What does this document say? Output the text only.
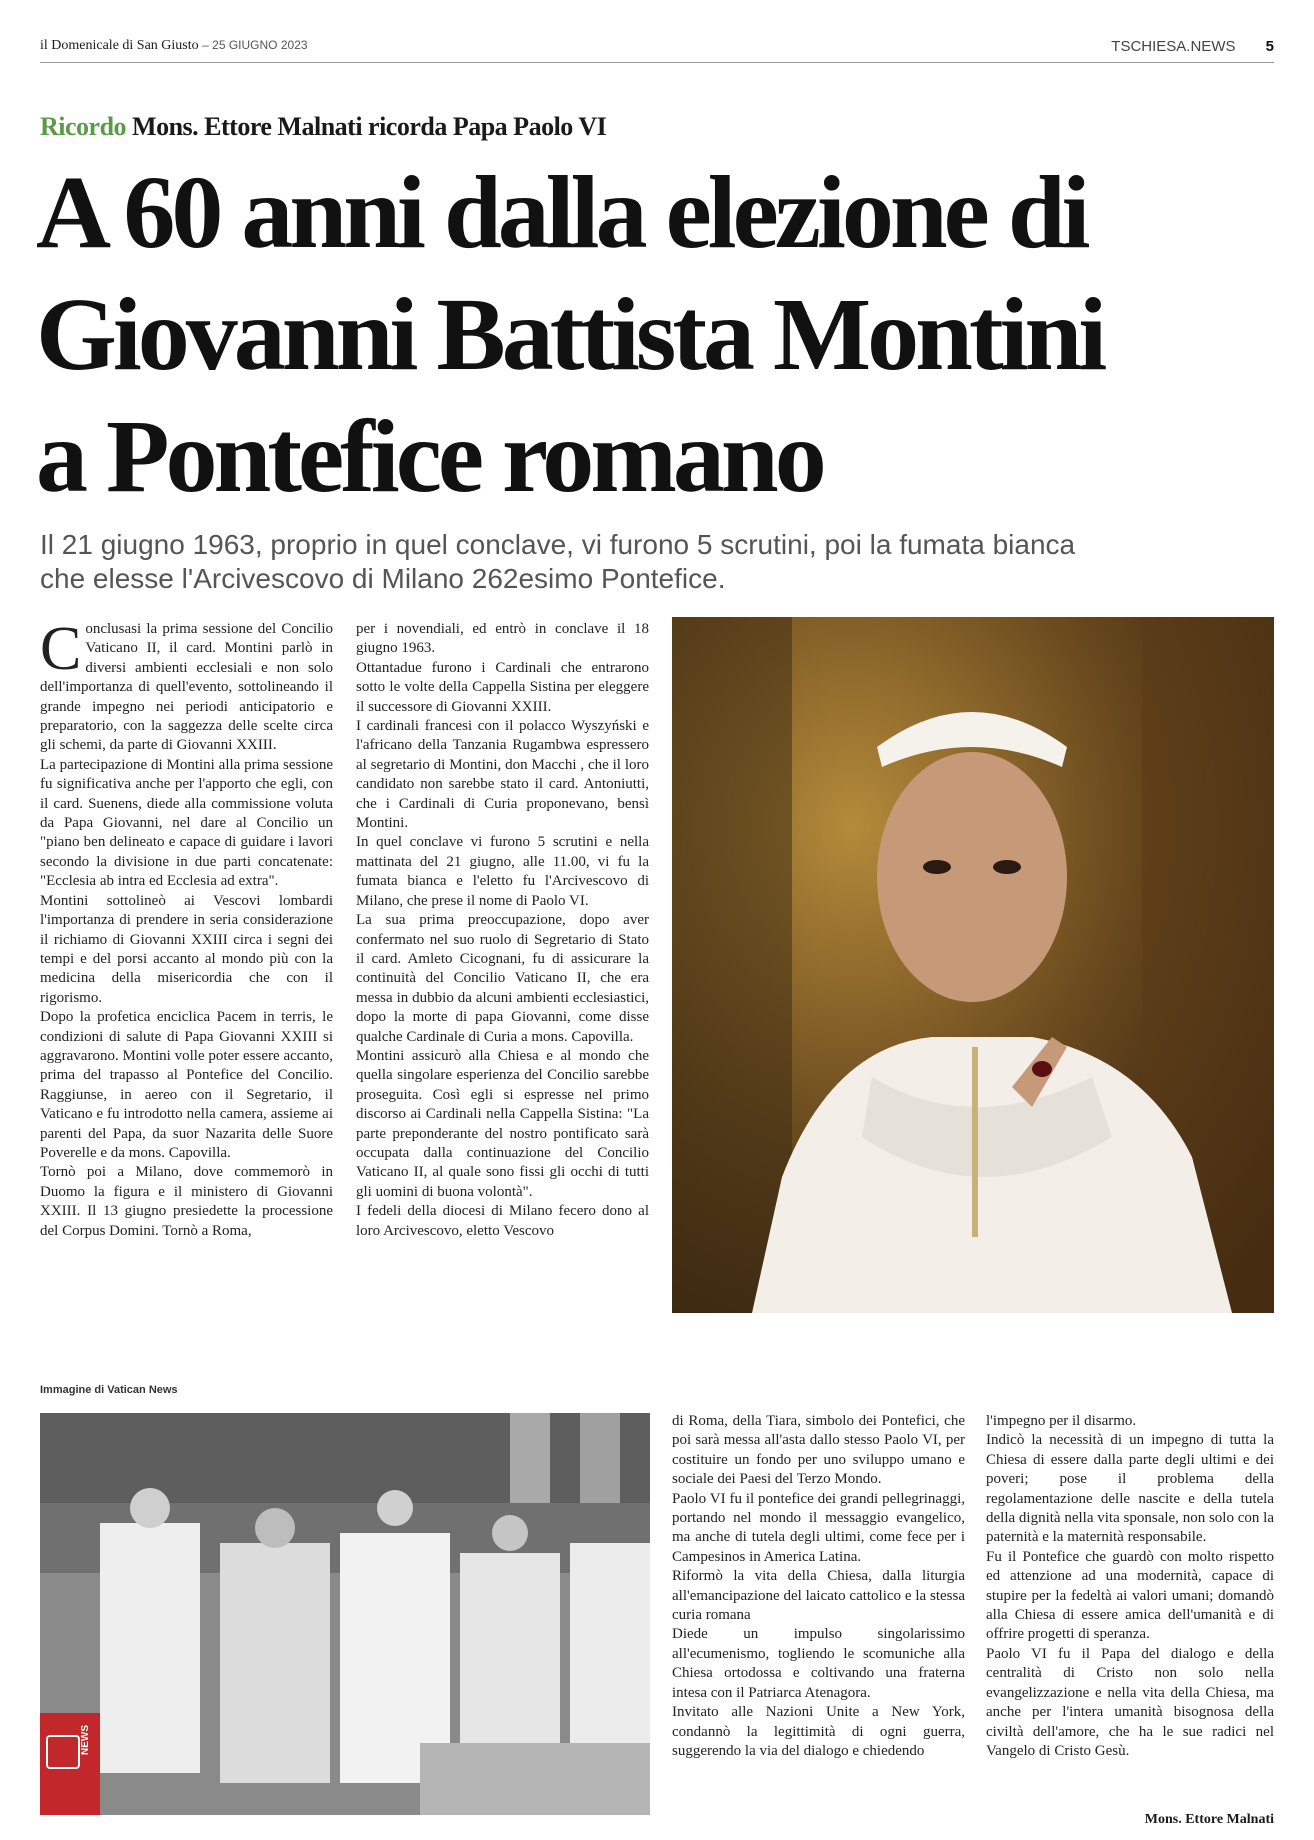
il Domenicale di San Giusto – 25 GIUGNO 2023	TSCHIESA.NEWS 5
Ricordo Mons. Ettore Malnati ricorda Papa Paolo VI
A 60 anni dalla elezione di
Giovanni Battista Montini
a Pontefice romano
Il 21 giugno 1963, proprio in quel conclave, vi furono 5 scrutini, poi la fumata bianca
che elesse l'Arcivescovo di Milano 262esimo Pontefice.

Conclusasi la prima sessione del Concilio Vaticano II, il card. Montini parlò in diversi ambienti ecclesiali e non solo dell'importanza di quell'evento, sottolineando il grande impegno nei periodi anticipatorio e preparatorio, con la saggezza delle scelte circa gli schemi, da parte di Giovanni XXIII.

La partecipazione di Montini alla prima sessione fu significativa anche per l'apporto che egli, con il card. Suenens, diede alla commissione voluta da Papa Giovanni, nel dare al Concilio un "piano ben delineato e capace di guidare i lavori secondo la divisione in due parti concatenate: "Ecclesia ab intra ed Ecclesia ad extra".

Montini sottolineò ai Vescovi lombardi l'importanza di prendere in seria considerazione il richiamo di Giovanni XXIII circa i segni dei tempi e del porsi accanto al mondo più con la medicina della misericordia che con il rigorismo.

Dopo la profetica enciclica Pacem in terris, le condizioni di salute di Papa Giovanni XXIII si aggravarono. Montini volle poter essere accanto, prima del trapasso al Pontefice del Concilio. Raggiunse, in aereo con il Segretario, il Vaticano e fu introdotto nella camera, assieme ai parenti del Papa, da suor Nazarita delle Suore Poverelle e da mons. Capovilla.

Tornò poi a Milano, dove commemorò in Duomo la figura e il ministero di Giovanni XXIII. Il 13 giugno presiedette la processione del Corpus Domini. Tornò a Roma,

per i novendiali, ed entrò in conclave il 18 giugno 1963.

Ottantadue furono i Cardinali che entrarono sotto le volte della Cappella Sistina per eleggere il successore di Giovanni XXIII.

I cardinali francesi con il polacco Wyszyński e l'africano della Tanzania Rugambwa espressero al segretario di Montini, don Macchi , che il loro candidato non sarebbe stato il card. Antoniutti, che i Cardinali di Curia proponevano, bensì Montini.

In quel conclave vi furono 5 scrutini e nella mattinata del 21 giugno, alle 11.00, vi fu la fumata bianca e l'eletto fu l'Arcivescovo di Milano, che prese il nome di Paolo VI.

La sua prima preoccupazione, dopo aver confermato nel suo ruolo di Segretario di Stato il card. Amleto Cicognani, fu di assicurare la continuità del Concilio Vaticano II, che era messa in dubbio da alcuni ambienti ecclesiastici, dopo la morte di papa Giovanni, come disse qualche Cardinale di Curia a mons. Capovilla.

Montini assicurò alla Chiesa e al mondo che quella singolare esperienza del Concilio sarebbe proseguita. Così egli si espresse nel primo discorso ai Cardinali nella Cappella Sistina: "La parte preponderante del nostro pontificato sarà occupata dalla continuazione del Concilio Vaticano II, al quale sono fissi gli occhi di tutti gli uomini di buona volontà".

I fedeli della diocesi di Milano fecero dono al loro Arcivescovo, eletto Vescovo

Immagine di Vatican News
NEWS

di Roma, della Tiara, simbolo dei Pontefici, che poi sarà messa all'asta dallo stesso Paolo VI, per costituire un fondo per uno sviluppo umano e sociale dei Paesi del Terzo Mondo.

Paolo VI fu il pontefice dei grandi pellegrinaggi, portando nel mondo il messaggio evangelico, ma anche di tutela degli ultimi, come fece per i Campesinos in America Latina.

Riformò la vita della Chiesa, dalla liturgia all'emancipazione del laicato cattolico e la stessa curia romana

Diede un impulso singolarissimo all'ecumenismo, togliendo le scomuniche alla Chiesa ortodossa e coltivando una fraterna intesa con il Patriarca Atenagora.

Invitato alle Nazioni Unite a New York, condannò la legittimità di ogni guerra, suggerendo la via del dialogo e chiedendo

l'impegno per il disarmo.

Indicò la necessità di un impegno di tutta la Chiesa di essere dalla parte degli ultimi e dei poveri; pose il problema della regolamentazione delle nascite e della tutela della dignità nella vita sponsale, non solo con la paternità e la maternità responsabile.

Fu il Pontefice che guardò con molto rispetto ed attenzione ad una modernità, capace di stupire per la fedeltà ai valori umani; domandò alla Chiesa di essere amica dell'umanità e di offrire progetti di speranza.

Paolo VI fu il Papa del dialogo e della centralità di Cristo non solo nella evangelizzazione e nella vita della Chiesa, ma anche per l'intera umanità bisognosa della civiltà dell'amore, che ha le sue radici nel Vangelo di Cristo Gesù.

Mons. Ettore Malnati
